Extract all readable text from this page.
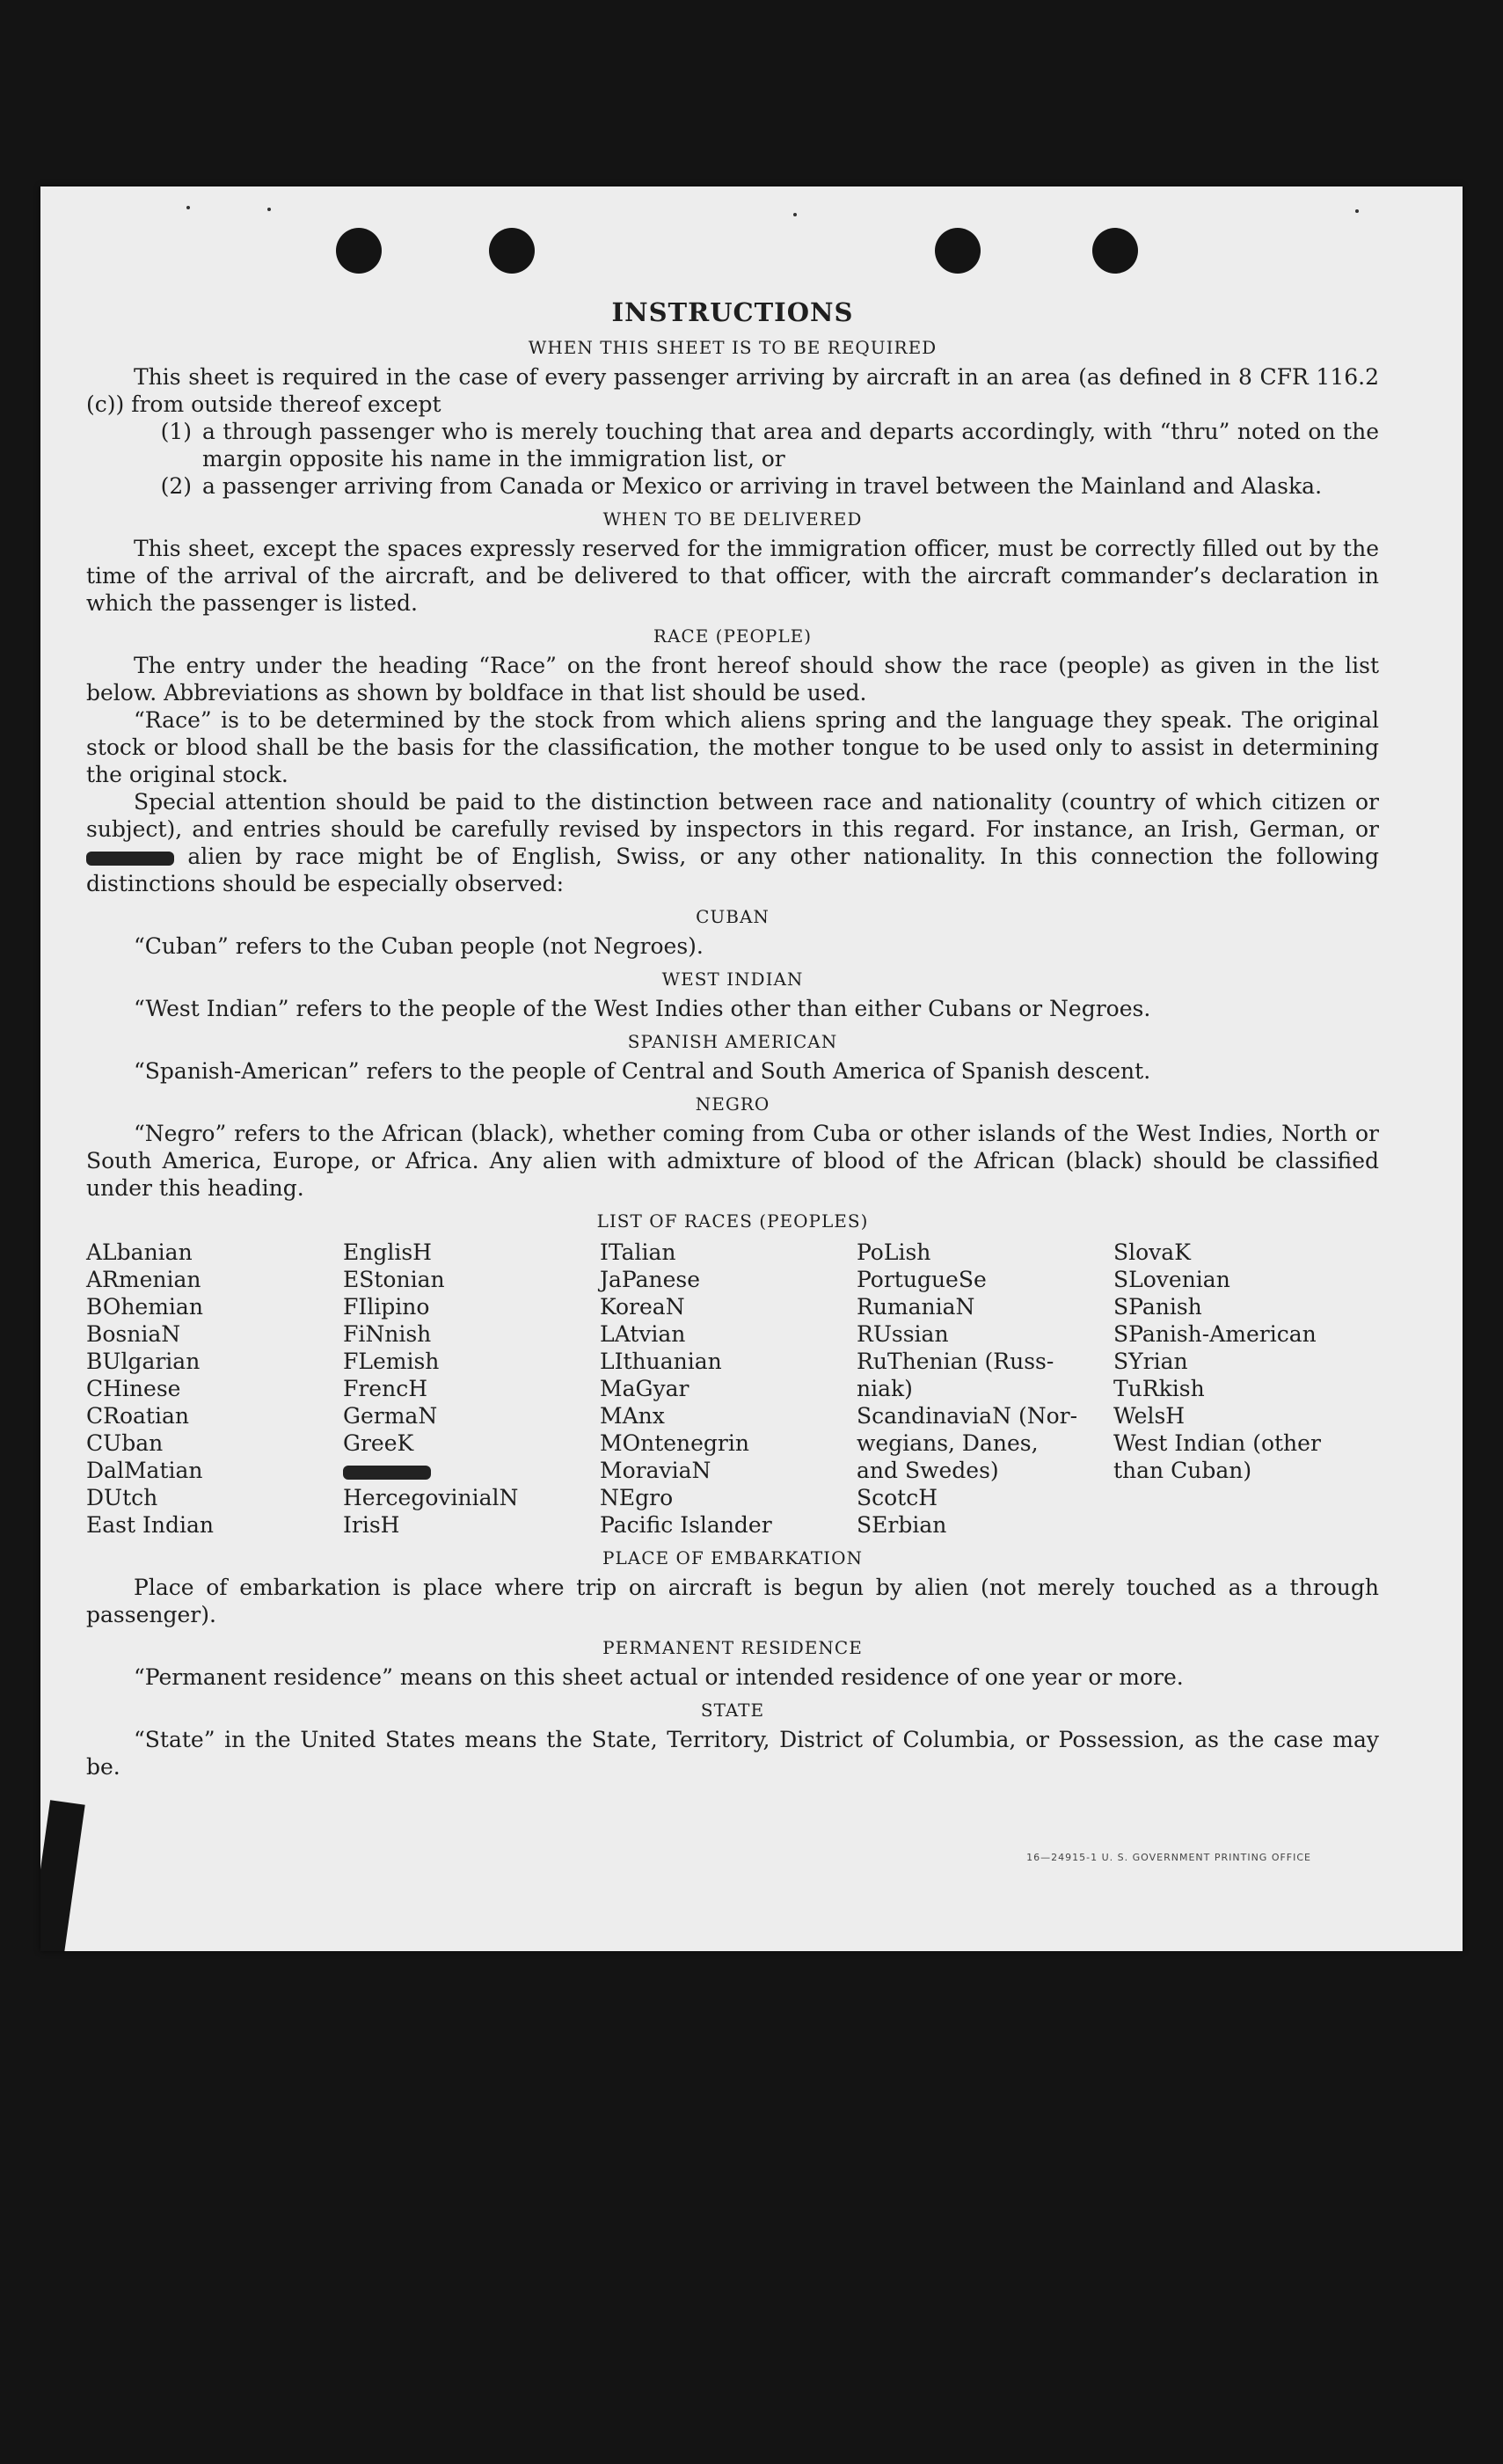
INSTRUCTIONS
WHEN THIS SHEET IS TO BE REQUIRED

This sheet is required in the case of every passenger arriving by aircraft in an area (as defined in 8 CFR 116.2 (c)) from outside thereof except

(1) a through passenger who is merely touching that area and departs accordingly, with “thru” noted on the margin opposite his name in the immigration list, or
(2) a passenger arriving from Canada or Mexico or arriving in travel between the Mainland and Alaska.
WHEN TO BE DELIVERED

This sheet, except the spaces expressly reserved for the immigration officer, must be correctly filled out by the time of the arrival of the aircraft, and be delivered to that officer, with the aircraft commander’s declaration in which the passenger is listed.

RACE (PEOPLE)

The entry under the heading “Race” on the front hereof should show the race (people) as given in the list below. Abbreviations as shown by boldface in that list should be used.

“Race” is to be determined by the stock from which aliens spring and the language they speak. The original stock or blood shall be the basis for the classification, the mother tongue to be used only to assist in determining the original stock.

Special attention should be paid to the distinction between race and nationality (country of which citizen or subject), and entries should be carefully revised by inspectors in this regard. For instance, an Irish, German, or  alien by race might be of English, Swiss, or any other nationality. In this connection the following distinctions should be especially observed:

CUBAN

“Cuban” refers to the Cuban people (not Negroes).

WEST INDIAN

“West Indian” refers to the people of the West Indies other than either Cubans or Negroes.

SPANISH AMERICAN

“Spanish-American” refers to the people of Central and South America of Spanish descent.

NEGRO

“Negro” refers to the African (black), whether coming from Cuba or other islands of the West Indies, North or South America, Europe, or Africa. Any alien with admixture of blood of the African (black) should be classified under this heading.

LIST OF RACES (PEOPLES)
ALbanian
ARmenian
BOhemian
BosniaN
BUlgarian
CHinese
CRoatian
CUban
DalMatian
DUtch
East Indian
EnglisH
EStonian
FIlipino
FiNnish
FLemish
FrencH
GermaN
GreeK
HercegovinialN
IrisH
ITalian
JaPanese
KoreaN
LAtvian
LIthuanian
MaGyar
MAnx
MOntenegrin
MoraviaN
NEgro
Pacific Islander
PoLish
PortugueSe
RumaniaN
RUssian
RuThenian (Russ-
niak)
ScandinaviaN (Nor-
wegians, Danes,
and Swedes)
ScotcH
SErbian
SlovaK
SLovenian
SPanish
SPanish-American
SYrian
TuRkish
WelsH
West Indian (other
than Cuban)
PLACE OF EMBARKATION

Place of embarkation is place where trip on aircraft is begun by alien (not merely touched as a through passenger).

PERMANENT RESIDENCE

“Permanent residence” means on this sheet actual or intended residence of one year or more.

STATE

“State” in the United States means the State, Territory, District of Columbia, or Possession, as the case may be.

16—24915-1 U. S. GOVERNMENT PRINTING OFFICE
